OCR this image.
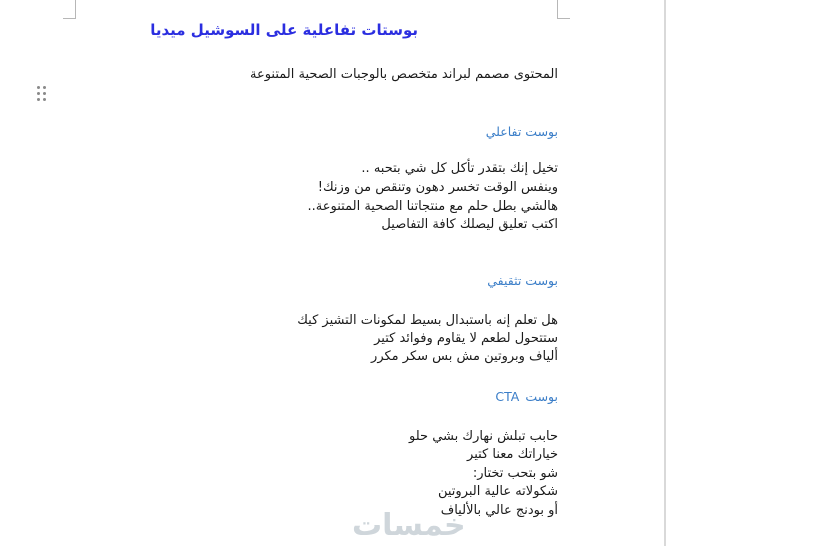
بوستات تفاعلية على السوشيل ميديا
المحتوى مصمم لبراند متخصص بالوجبات الصحية المتنوعة
بوست تفاعلي
تخيل إنك بتقدر تأكل كل شي بتحبه ..
وينفس الوقت تخسر دهون وتنقص من وزنك!
هالشي بطل حلم مع منتجاتنا الصحية المتنوعة..
اكتب تعليق ليصلك كافة التفاصيل
بوست تثقيفي
هل تعلم إنه باستبدال بسيط لمكونات التشيز كيك
ستتحول لطعم لا يقاوم وفوائد كتير
ألياف وبروتين مش بس سكر مكرر
بوستCTA
حابب تبلش نهارك بشي حلو
خياراتك معنا كتير
شو بتحب تختار:
شكولاته عالية البروتين
أو بودنج عالي بالألياف
خمسات
